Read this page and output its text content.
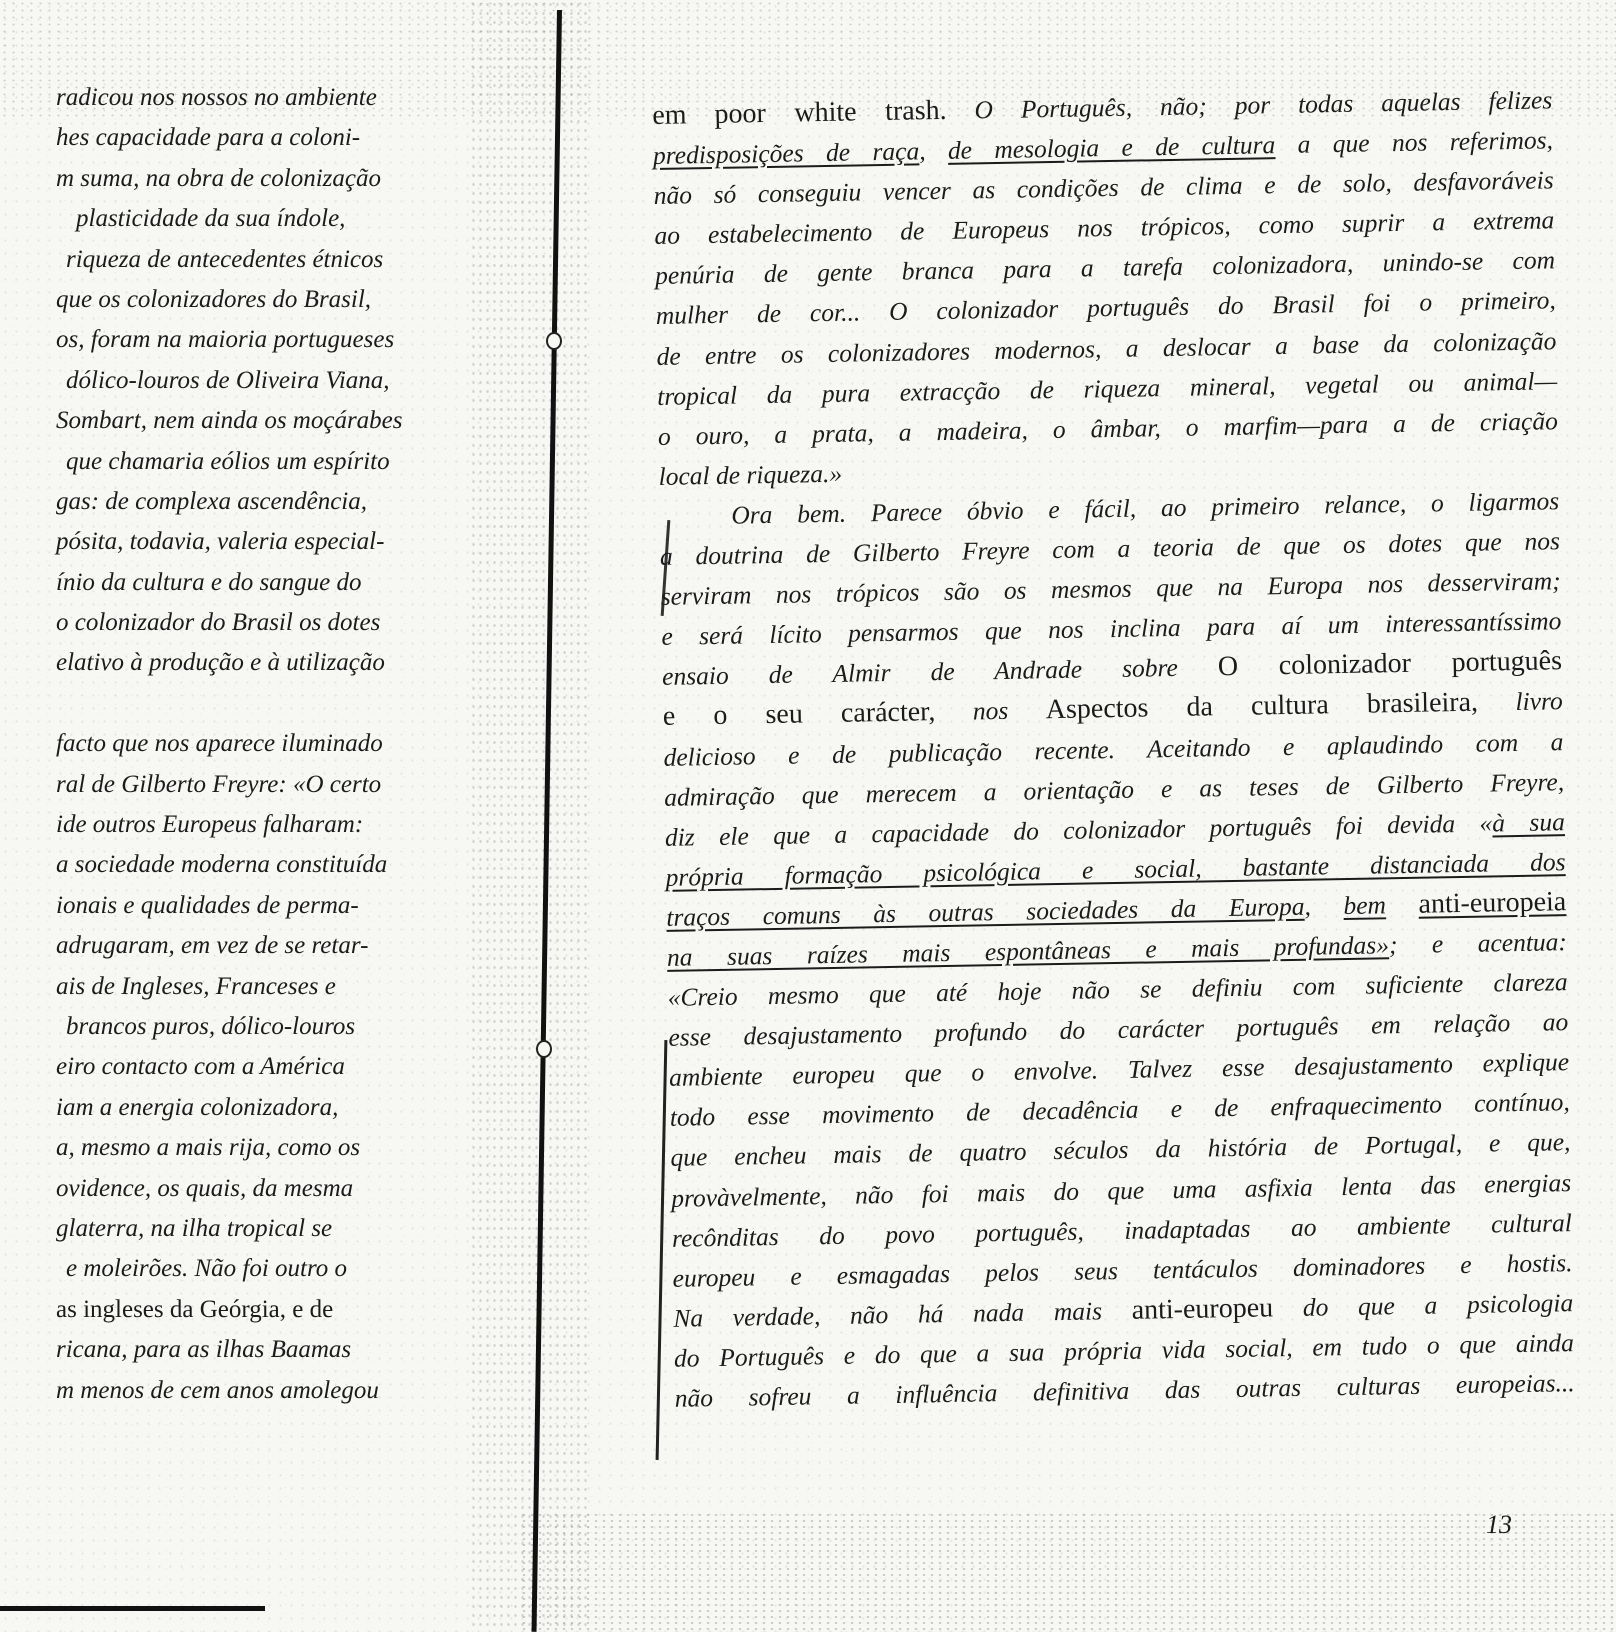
radicou nos nossos no ambiente
hes capacidade para a coloni-
m suma, na obra de colonização
plasticidade da sua índole,
riqueza de antecedentes étnicos
que os colonizadores do Brasil,
os, foram na maioria portugueses
dólico-louros de Oliveira Viana,
Sombart, nem ainda os moçárabes
que chamaria eólios um espírito
gas: de complexa ascendência,
pósita, todavia, valeria especial-
ínio da cultura e do sangue do
o colonizador do Brasil os dotes
elativo à produção e à utilização
facto que nos aparece iluminado
ral de Gilberto Freyre: «O certo
ide outros Europeus falharam:
a sociedade moderna constituída
ionais e qualidades de perma-
adrugaram, em vez de se retar-
ais de Ingleses, Franceses e
brancos puros, dólico-louros
eiro contacto com a América
iam a energia colonizadora,
a, mesmo a mais rija, como os
ovidence, os quais, da mesma
glaterra, na ilha tropical se
e moleirões. Não foi outro o
as ingleses da Geórgia, e de
ricana, para as ilhas Baamas
m menos de cem anos amolegou
em poor white trash. O Português, não; por todas aquelas felizes
predisposições de raça, de mesologia e de cultura a que nos referimos,
não só conseguiu vencer as condições de clima e de solo, desfavoráveis
ao estabelecimento de Europeus nos trópicos, como suprir a extrema
penúria de gente branca para a tarefa colonizadora, unindo-se com
mulher de cor... O colonizador português do Brasil foi o primeiro,
de entre os colonizadores modernos, a deslocar a base da colonização
tropical da pura extracção de riqueza mineral, vegetal ou animal—
o ouro, a prata, a madeira, o âmbar, o marfim—para a de criação
local de riqueza.»
Ora bem. Parece óbvio e fácil, ao primeiro relance, o ligarmos
a doutrina de Gilberto Freyre com a teoria de que os dotes que nos
serviram nos trópicos são os mesmos que na Europa nos desserviram;
e será lícito pensarmos que nos inclina para aí um interessantíssimo
ensaio de Almir de Andrade sobre O colonizador português
e o seu carácter, nos Aspectos da cultura brasileira, livro
delicioso e de publicação recente. Aceitando e aplaudindo com a
admiração que merecem a orientação e as teses de Gilberto Freyre,
diz ele que a capacidade do colonizador português foi devida «à sua
própria formação psicológica e social, bastante distanciada dos
traços comuns às outras sociedades da Europa, bem anti-europeia
na suas raízes mais espontâneas e mais profundas»; e acentua:
«Creio mesmo que até hoje não se definiu com suficiente clareza
esse desajustamento profundo do carácter português em relação ao
ambiente europeu que o envolve. Talvez esse desajustamento explique
todo esse movimento de decadência e de enfraquecimento contínuo,
que encheu mais de quatro séculos da história de Portugal, e que,
provàvelmente, não foi mais do que uma asfixia lenta das energias
recônditas do povo português, inadaptadas ao ambiente cultural
europeu e esmagadas pelos seus tentáculos dominadores e hostis.
Na verdade, não há nada mais anti-europeu do que a psicologia
do Português e do que a sua própria vida social, em tudo o que ainda
não sofreu a influência definitiva das outras culturas europeias...
13
